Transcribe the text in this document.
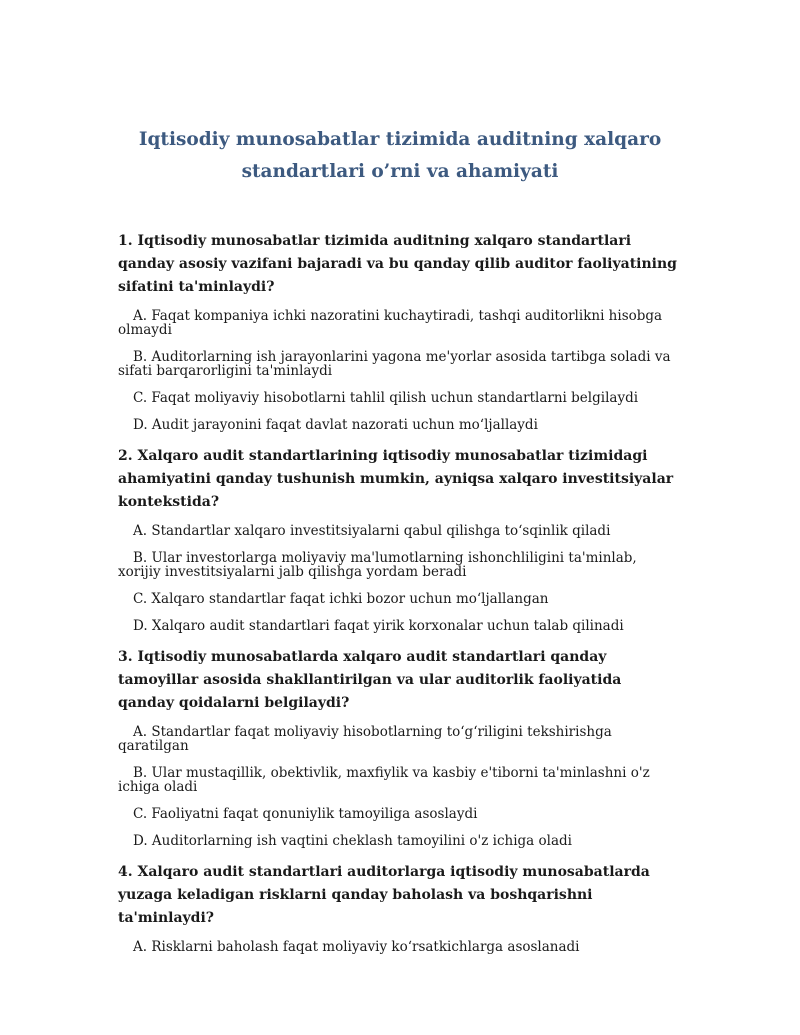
Iqtisodiy munosabatlar tizimida auditning xalqaro
standartlari o’rni va ahamiyati
1. Iqtisodiy munosabatlar tizimida auditning xalqaro standartlari qanday asosiy vazifani bajaradi va bu qanday qilib auditor faoliyatining sifatini ta'minlaydi?
A. Faqat kompaniya ichki nazoratini kuchaytiradi, tashqi auditorlikni hisobga olmaydi
B. Auditorlarning ish jarayonlarini yagona me'yorlar asosida tartibga soladi va sifati barqarorligini ta'minlaydi
C. Faqat moliyaviy hisobotlarni tahlil qilish uchun standartlarni belgilaydi
D. Audit jarayonini faqat davlat nazorati uchun mo‘ljallaydi
2. Xalqaro audit standartlarining iqtisodiy munosabatlar tizimidagi ahamiyatini qanday tushunish mumkin, ayniqsa xalqaro investitsiyalar kontekstida?
A. Standartlar xalqaro investitsiyalarni qabul qilishga to‘sqinlik qiladi
B. Ular investorlarga moliyaviy ma'lumotlarning ishonchliligini ta'minlab, xorijiy investitsiyalarni jalb qilishga yordam beradi
C. Xalqaro standartlar faqat ichki bozor uchun mo‘ljallangan
D. Xalqaro audit standartlari faqat yirik korxonalar uchun talab qilinadi
3. Iqtisodiy munosabatlarda xalqaro audit standartlari qanday tamoyillar asosida shakllantirilgan va ular auditorlik faoliyatida qanday qoidalarni belgilaydi?
A. Standartlar faqat moliyaviy hisobotlarning to‘g‘riligini tekshirishga qaratilgan
B. Ular mustaqillik, obektivlik, maxfiylik va kasbiy e'tiborni ta'minlashni o'z ichiga oladi
C. Faoliyatni faqat qonuniylik tamoyiliga asoslaydi
D. Auditorlarning ish vaqtini cheklash tamoyilini o'z ichiga oladi
4. Xalqaro audit standartlari auditorlarga iqtisodiy munosabatlarda yuzaga keladigan risklarni qanday baholash va boshqarishni ta'minlaydi?
A. Risklarni baholash faqat moliyaviy ko‘rsatkichlarga asoslanadi
